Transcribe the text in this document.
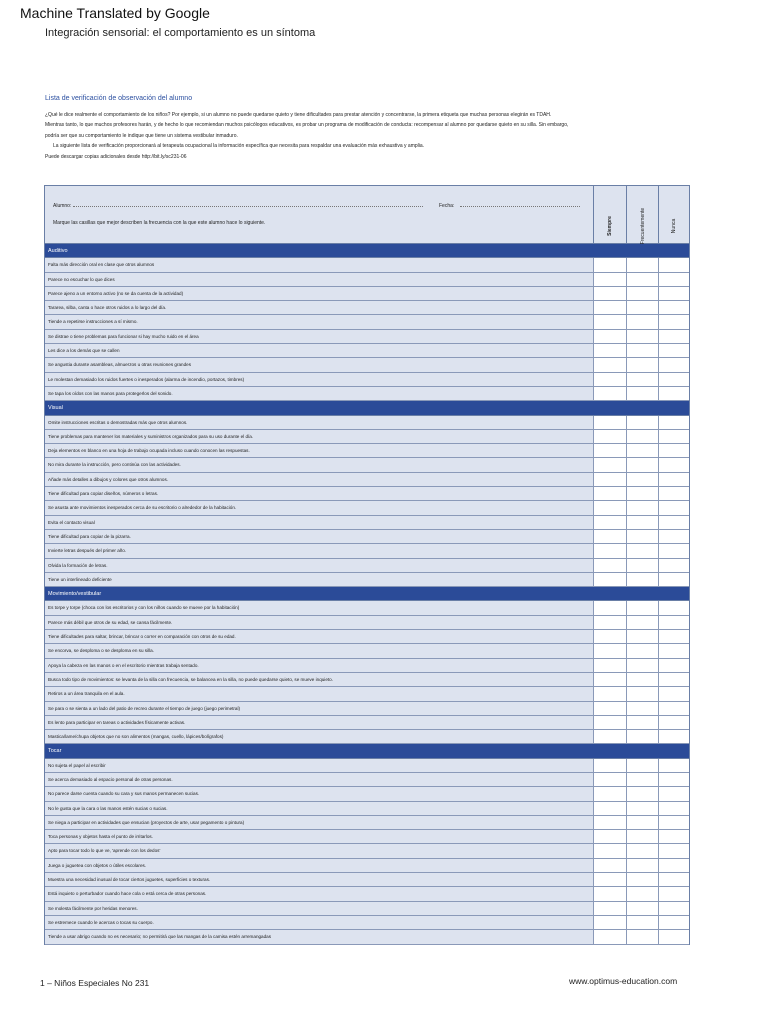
Machine Translated by Google
Integración sensorial: el comportamiento es un síntoma
Lista de verificación de observación del alumno
¿Qué le dice realmente el comportamiento de los niños? Por ejemplo, si un alumno no puede quedarse quieto y tiene dificultades para prestar atención y concentrarse, la primera etiqueta que muchas personas elegirán es TDAH.
Mientras tanto, lo que muchos profesores harán, y de hecho lo que recomiendan muchos psicólogos educativos, es probar un programa de modificación de conducta: recompensar al alumno por quedarse quieto en su silla. Sin embargo,
podría ser que su comportamiento le indique que tiene un sistema vestibular inmaduro.
La siguiente lista de verificación proporcionará al terapeuta ocupacional la información específica que necesita para respaldar una evaluación más exhaustiva y amplia.
Puede descargar copias adicionales desde http://bit.ly/sc231-06
Alumno:	Fecha:
Marque las casillas que mejor describen la frecuencia con la que este alumno hace lo siguiente.	Siempre	Frecuentemente	Nunca
Auditivo
Falta más dirección oral en clase que otros alumnos
Parece no escuchar lo que dices
Parece ajeno a un entorno activo (no se da cuenta de la actividad)
Tararea, silba, canta o hace otros ruidos a lo largo del día.
Tiende a repetirse instrucciones a sí mismo.
Se distrae o tiene problemas para funcionar si hay mucho ruido en el área
Les dice a los demás que se callen
Se angustia durante asambleas, almuerzos u otras reuniones grandes
Le molestan demasiado los ruidos fuertes o inesperados (alarma de incendio, portazos, timbres)
Se tapa los oídos con las manos para protegerlos del sonido.
Visual
Omite instrucciones escritas o demostradas más que otros alumnos.
Tiene problemas para mantener los materiales y suministros organizados para su uso durante el día.
Deja elementos en blanco en una hoja de trabajo ocupada incluso cuando conocen las respuestas.
No mira durante la instrucción, pero continúa con las actividades.
Añade más detalles a dibujos y colores que otros alumnos.
Tiene dificultad para copiar diseños, números o letras.
Se asusta ante movimientos inesperados cerca de su escritorio o alrededor de la habitación.
Evita el contacto visual
Tiene dificultad para copiar de la pizarra.
Invierte letras después del primer año.
Olvida la formación de letras.
Tiene un interlineado deficiente
Movimiento/vestibular
Es torpe y torpe (choca con los escritorios y con los niños cuando se mueve por la habitación)
Parece más débil que otros de su edad, se cansa fácilmente.
Tiene dificultades para saltar, brincar, brincar o correr en comparación con otros de su edad.
Se encorva, se desploma o se desploma en su silla.
Apoya la cabeza en las manos o en el escritorio mientras trabaja sentado.
Busca todo tipo de movimientos: se levanta de la silla con frecuencia, se balancea en la silla, no puede quedarse quieto, se mueve inquieto.
Retiros a un área tranquila en el aula.
Se para o se sienta a un lado del patio de recreo durante el tiempo de juego (juego perimetral)
Es lento para participar en tareas o actividades físicamente activas.
Mastica/lame/chupa objetos que no son alimentos (mangas, cuello, lápices/bolígrafos)
Tocar
No sujeta el papel al escribir
Se acerca demasiado al espacio personal de otras personas.
No parece darse cuenta cuando su cara y sus manos permanecen sucias.
No le gusta que la cara o las manos estén sucias o sucias.
Se niega a participar en actividades que ensucian (proyectos de arte, usar pegamento o pintura)
Toca personas y objetos hasta el punto de irritarlos.
Apto para tocar todo lo que ve, 'aprende con los dedos'
Juega o juguetea con objetos o útiles escolares.
Muestra una necesidad inusual de tocar ciertos juguetes, superficies o texturas.
Está inquieto o perturbador cuando hace cola o está cerca de otras personas.
Se molesta fácilmente por heridas menores.
Se estremece cuando le acercas o tocas su cuerpo.
Tiende a usar abrigo cuando no es necesario; no permitirá que las mangas de la camisa estén arremangadas
1 – Niños Especiales No 231	www.optimus-education.com
